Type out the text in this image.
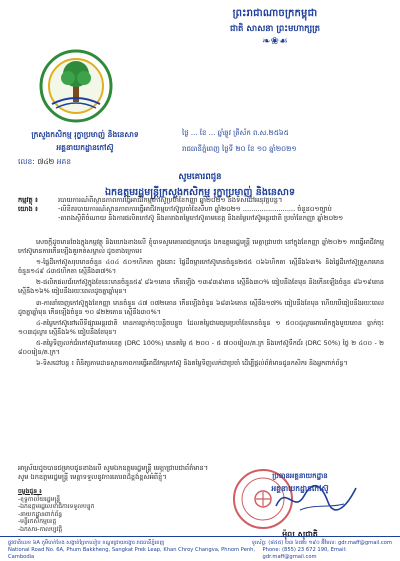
ព្រះរាជាណាចក្រកម្ពុជា
ជាតិ សាសនា ព្រះមហាក្សត្រ
❧❀☙
ក្រសួងកសិកម្ម រុក្ខាប្រមាញ់ និងនេសាទ
អគ្គនាយកដ្ឋានកៅស៊ូ
លេខ: ៧៤២ អគន
ថ្ងៃ ... ខែ ... ឆ្នាំឆ្លូវ ត្រីស័ក ព.ស.២៥៦៥
រាជធានីភ្នំពេញ ថ្ងៃទី ២០ ខែ ១០ ឆ្នាំ២០២១
សូមគោរពជូន
ឯកឧត្តមរដ្ឋមន្ត្រីក្រសួងកសិកម្ម រុក្ខាប្រមាញ់ និងនេសាទ
កម្មវត្ថុ ៖	របាយការណ៍ពីស្ថានភាពការធ្វើអាជីវកម្មកៅស៊ូប្រចាំខែកញ្ញា ឆ្នាំ២០២១ និងទិសដៅអនុវត្តបន្ត។
យោង ៖	-លិខិតរបាយការណ៍ស្ថានភាពការធ្វើអាជីវកម្មកៅស៊ូប្រចាំខែសីហា ឆ្នាំ២០២១ ......................... ចំនួន០១ច្បាប់
-តារាងស្ថិតិចំណាយ និងការផលិតកៅស៊ូ និងតារាងតម្លៃកៅស៊ូតាមខេត្ត និងតម្លៃកៅស៊ូអន្តរជាតិ ប្រចាំខែកញ្ញា ឆ្នាំ២០២១

សេចក្តីដូចមានចែងក្នុងកម្មវត្ថុ និងយោងខាងលើ ខ្ញុំបាទសូមគោរពជម្រាបជូន ឯកឧត្តមរដ្ឋមន្ត្រី មេត្តាជ្រាបថា នៅក្នុងខែកញ្ញា ឆ្នាំ២០២១ ការធ្វើអាជីវកម្មកៅស៊ូមានការកើនឡើងគួរកត់សម្គាល់ ដូចខាងក្រោម៖

១-ផ្ទៃដីកៅស៊ូសរុបមានចំនួន ៤០៤ ៥០១ហិកតា ក្នុងនោះ ផ្ទៃដីចម្ការកៅស៊ូមានចំនួន២៥៥ ០៦៦ហិកតា ស្មើនឹង៦៣% និងផ្ទៃដីកៅស៊ូគ្រួសារមានចំនួន១៤៩ ៤៣៥ហិកតា ស្មើនឹង៣៧%។

២-ផលិតផលជ័រកៅស៊ូក្នុងខែនេះមានចំនួន៥៩ ៨៦១តោន កើនឡើង ១៣៩៣៩តោន ស្មើនឹង៣០% ធៀបនឹងខែមុន និងកើនឡើងចំនួន ៨៦១៩តោន ស្មើនឹង១៦% ធៀបនឹងរយៈពេលដូចគ្នាឆ្នាំមុន។

៣-ការនាំចេញកៅស៊ូក្នុងខែកញ្ញា មានចំនួន ៤៧ ០៧២តោន កើនឡើងចំនួន ៦៨៣៦តោន ស្មើនឹង១៧% ធៀបនឹងខែមុន ហើយបើធៀបនឹងរយៈពេលដូចគ្នាឆ្នាំមុន កើនឡើងចំនួន ១០ ៨២២តោន ស្មើនឹង៣០%។

៤-តម្លៃកៅស៊ូនៅលើទីផ្សារអន្តរជាតិ មានការធ្លាក់ចុះបន្តិចបន្តួច ដែលតម្លៃជាមធ្យមប្រចាំខែមានចំនួន ១ ៥០០ដុល្លារអាមេរិកក្នុងមួយតោន ធ្លាក់ចុះ ១០៣ដុល្លារ ស្មើនឹង៦% ធៀបនឹងខែមុន។

៥-តម្លៃទិញលក់ជ័រកៅស៊ូនៅតាមខេត្ត (DRC 100%) មានតម្លៃ ៥ ២០០ - ៥ ៧០០រៀល/គ.ក្រ និងកៅស៊ូទឹកជ័រ (DRC 50%) ថ្លៃ ២ ៤០០ - ២ ៨០០រៀន/គ.ក្រ។

៦-ទិសដៅបន្ត ៖ ពិនិត្យតាមដានស្ថានភាពការធ្វើអាជីវកម្មកៅស៊ូ និងតម្លៃទិញលក់ជាប្រចាំ ដើម្បីផ្តល់ព័ត៌មានជូនកសិករ និងអ្នកពាក់ព័ន្ធ។

អាស្រ័យដូចបានជម្រាបជូនខាងលើ សូមឯកឧត្តមរដ្ឋមន្ត្រី មេត្តាជ្រាបជាព័ត៌មាន។
សូម ឯកឧត្តមរដ្ឋមន្ត្រី មេត្តាទទួលនូវការគោរពដ៏ខ្ពង់ខ្ពស់អំពីខ្ញុំ។
ចម្លងជូន ៖
-ខុទ្ទកាល័យរដ្ឋមន្ត្រី
-ឯកឧត្តមរដ្ឋលេខាធិការទទួលបន្ទុក
-នាយកដ្ឋានពាក់ព័ន្ធ
-មន្ទីរកសិកម្មខេត្ត
-ឯកសារ-កាលប្បវត្តិ
ប្រធានអគ្គនាយកដ្ឋាន
អគ្គនាយកដ្ឋានកៅស៊ូ
ម៉ុល សុជាតិ
ផ្លូវជាតិលេខ ៦A ភូមិបាក់ខែង សង្កាត់ព្រែកលៀប ខណ្ឌជ្រោយចង្វារ រាជធានីភ្នំពេញ	ទូរស័ព្ទ: (៨៥៥) ២៣ ៦៧២ ១៩០ អ៊ីមែល: gdr.maff@gmail.com
National Road No. 6A, Phum Bakkheng, Sangkat Prek Leap, Khan Chroy Changva, Phnom Penh, Cambodia
Phone: (855) 23 672 190, Email: gdr.maff@gmail.com
